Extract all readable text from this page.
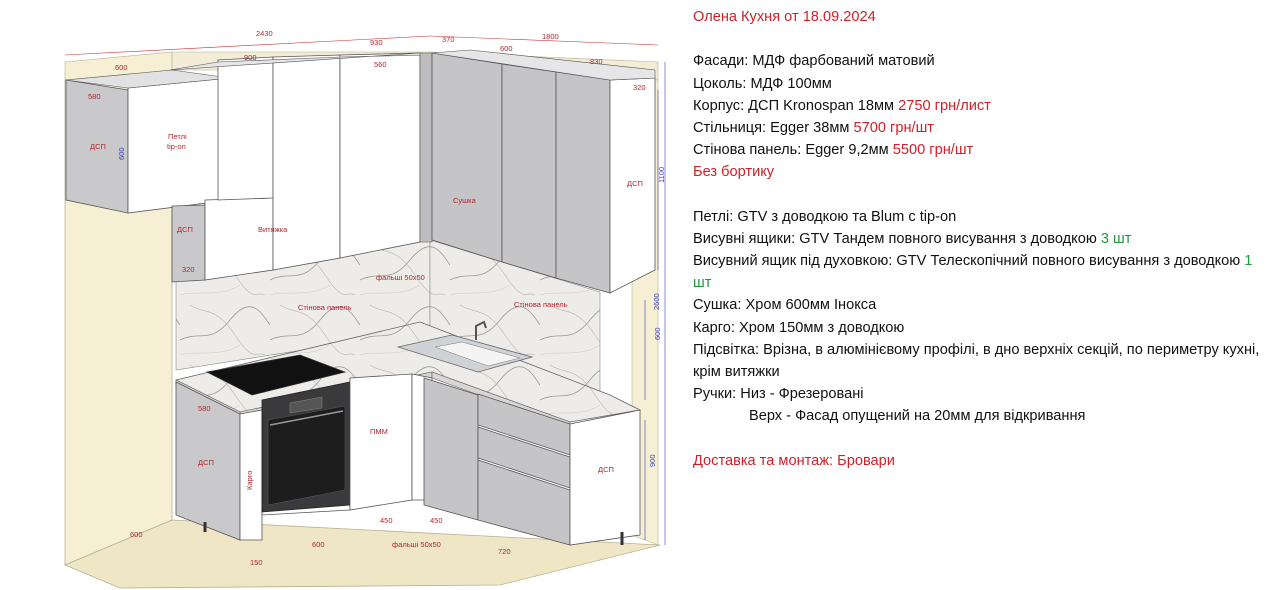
2430	1800
600
900
930	370
600
830
580
600
560
320
1100
320
2600
600
580
900
600
150
600
450	450
720
Петлі
tip-on
ДСП
ДСП	Витяжка
Сушка
ДСП
фальші 50х50
Стінова панель	Стінова панель
ПММ
ДСП
Карго
ДСП
фальші 50х50
Олена Кухня от 18.09.2024

Фасади: МДФ фарбований матовий
Цоколь: МДФ 100мм
Корпус: ДСП Kronospan 18мм 2750 грн/лист
Стільниця: Egger 38мм 5700 грн/шт
Стінова панель: Egger 9,2мм 5500 грн/шт
Без бортику

Петлі: GTV з доводкою та Blum с tip-on
Висувні ящики: GTV Тандем повного висування з доводкою 3 шт
Висувний ящик під духовкою: GTV Телескопічний повного висування з доводкою 1 шт
Сушка: Хром 600мм Інокса
Карго: Хром 150мм з доводкою
Підсвітка: Врізна, в алюмінієвому профілі, в дно верхніх секцій, по периметру кухні, крім витяжки
Ручки: Низ - Фрезеровані
Верх - Фасад опущений на 20мм для відкривання

Доставка та монтаж: Бровари
